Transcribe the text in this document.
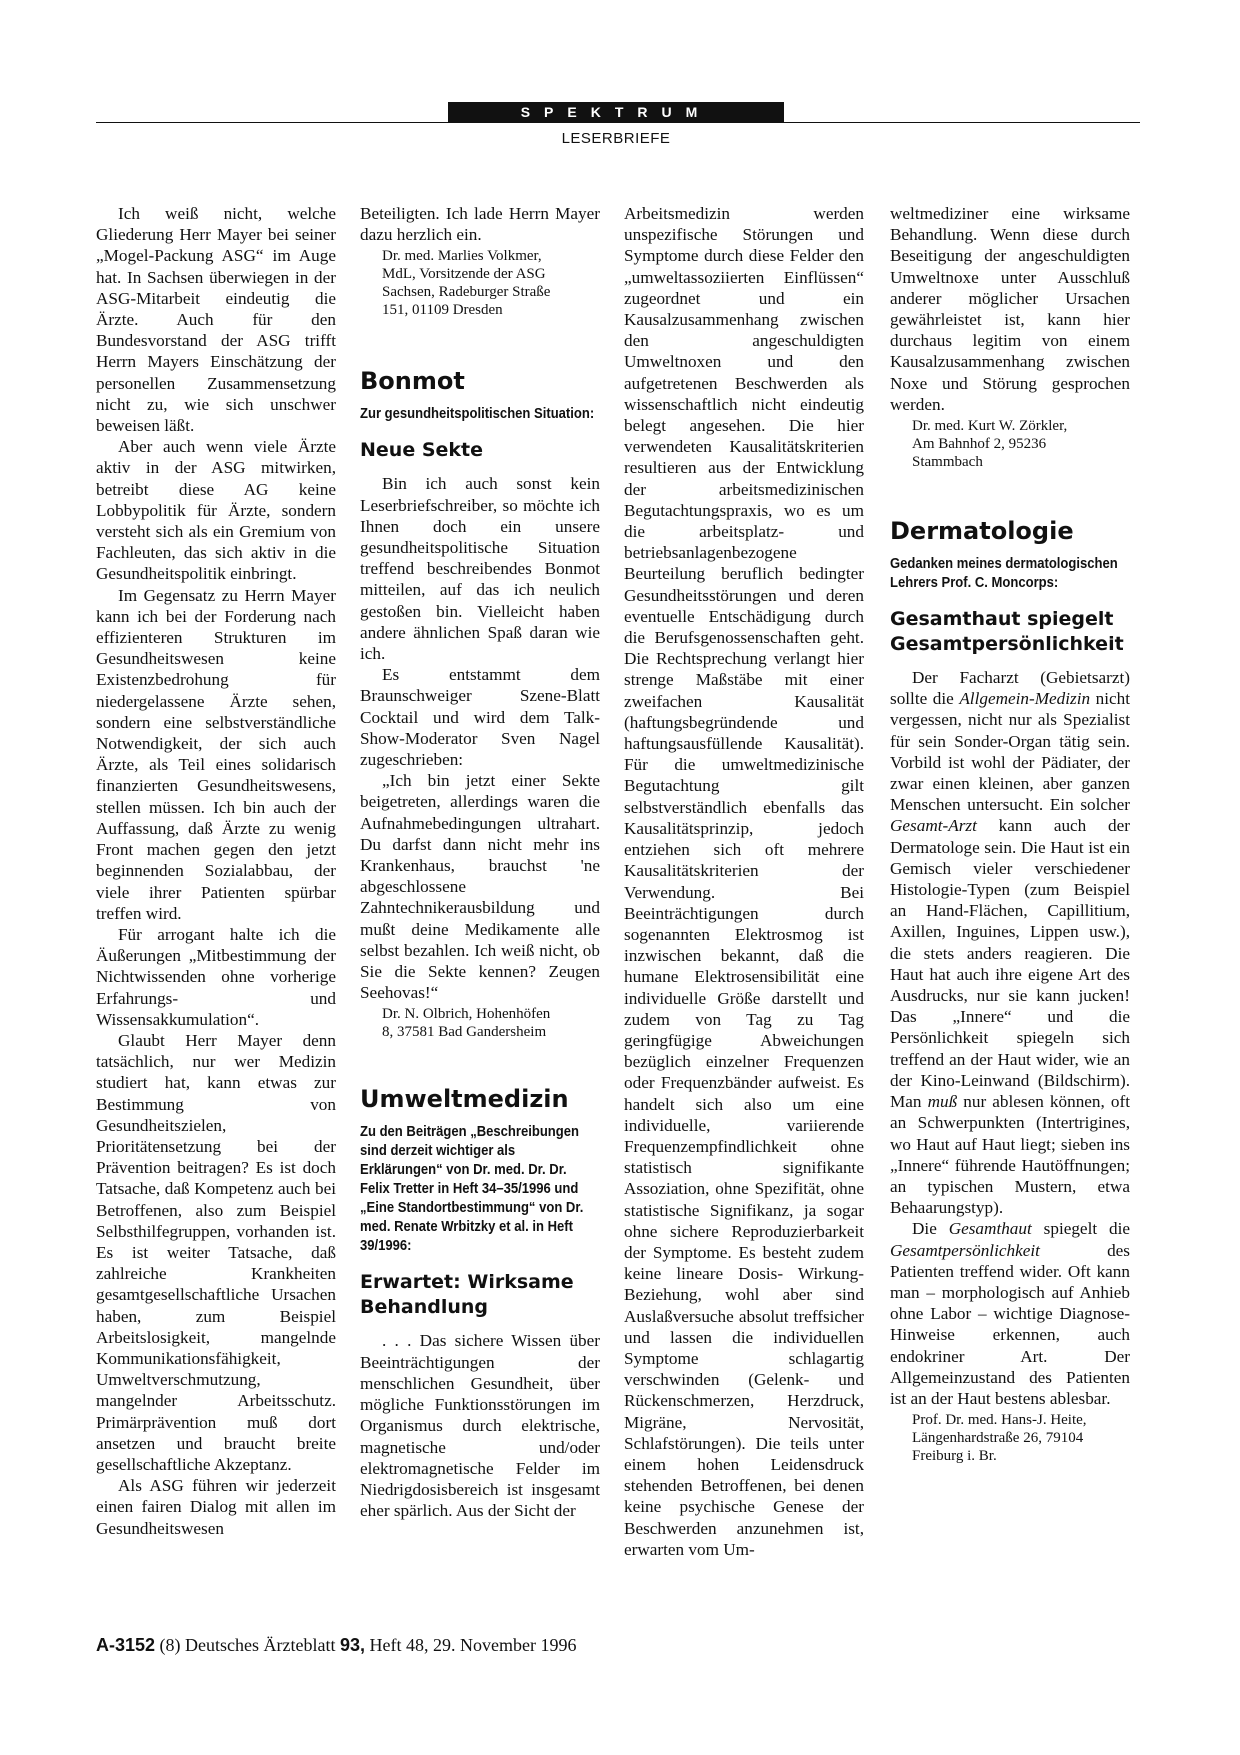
SPEKTRUM
LESERBRIEFE

Ich weiß nicht, welche Gliederung Herr Mayer bei seiner „Mogel-Packung ASG“ im Auge hat. In Sachsen überwiegen in der ASG-Mitarbeit eindeutig die Ärzte. Auch für den Bundesvorstand der ASG trifft Herrn Mayers Einschätzung der personellen Zusammensetzung nicht zu, wie sich unschwer beweisen läßt.

Aber auch wenn viele Ärzte aktiv in der ASG mitwirken, betreibt diese AG keine Lobbypolitik für Ärzte, sondern versteht sich als ein Gremium von Fachleuten, das sich aktiv in die Gesundheitspolitik einbringt.

Im Gegensatz zu Herrn Mayer kann ich bei der Forderung nach effizienteren Strukturen im Gesundheitswesen keine Existenzbedrohung für niedergelassene Ärzte sehen, sondern eine selbstverständliche Notwendigkeit, der sich auch Ärzte, als Teil eines solidarisch finanzierten Gesundheitswesens, stellen müssen. Ich bin auch der Auffassung, daß Ärzte zu wenig Front machen gegen den jetzt beginnenden Sozialabbau, der viele ihrer Patienten spürbar treffen wird.

Für arrogant halte ich die Äußerungen „Mitbestimmung der Nichtwissenden ohne vorherige Erfahrungs- und Wissensakkumulation“.

Glaubt Herr Mayer denn tatsächlich, nur wer Medizin studiert hat, kann etwas zur Bestimmung von Gesundheitszielen, Prioritätensetzung bei der Prävention beitragen? Es ist doch Tatsache, daß Kompetenz auch bei Betroffenen, also zum Beispiel Selbsthilfegruppen, vorhanden ist. Es ist weiter Tatsache, daß zahlreiche Krankheiten gesamtgesellschaftliche Ursachen haben, zum Beispiel Arbeitslosigkeit, mangelnde Kommunikationsfähigkeit, Umweltverschmutzung, mangelnder Arbeitsschutz. Primärprävention muß dort ansetzen und braucht breite gesellschaftliche Akzeptanz.

Als ASG führen wir jederzeit einen fairen Dialog mit allen im Gesundheitswesen

Beteiligten. Ich lade Herrn Mayer dazu herzlich ein.

Dr. med. Marlies Volkmer,
MdL, Vorsitzende der ASG
Sachsen, Radeburger Straße
151, 01109 Dresden

Bonmot
Zur gesundheitspolitischen Situation:
Neue Sekte

Bin ich auch sonst kein Leserbriefschreiber, so möchte ich Ihnen doch ein unsere gesundheitspolitische Situation treffend beschreibendes Bonmot mitteilen, auf das ich neulich gestoßen bin. Vielleicht haben andere ähnlichen Spaß daran wie ich.

Es entstammt dem Braunschweiger Szene-Blatt Cocktail und wird dem Talk-Show-Moderator Sven Nagel zugeschrieben:

„Ich bin jetzt einer Sekte beigetreten, allerdings waren die Aufnahmebedingungen ultrahart. Du darfst dann nicht mehr ins Krankenhaus, brauchst 'ne abgeschlossene Zahntechnikerausbildung und mußt deine Medikamente alle selbst bezahlen. Ich weiß nicht, ob Sie die Sekte kennen? Zeugen Seehovas!“

Dr. N. Olbrich, Hohenhöfen
8, 37581 Bad Gandersheim

Umweltmedizin
Zu den Beiträgen „Beschreibungen sind derzeit wichtiger als Erklärungen“ von Dr. med. Dr. Dr. Felix Tretter in Heft 34–35/1996 und „Eine Standortbestimmung“ von Dr. med. Renate Wrbitzky et al. in Heft 39/1996:
Erwartet: Wirksame Behandlung

. . . Das sichere Wissen über Beeinträchtigungen der menschlichen Gesundheit, über mögliche Funktionsstörungen im Organismus durch elektrische, magnetische und/oder elektromagnetische Felder im Niedrigdosisbereich ist insgesamt eher spärlich. Aus der Sicht der

Arbeitsmedizin werden unspezifische Störungen und Symptome durch diese Felder den „umweltassoziierten Einflüssen“ zugeordnet und ein Kausalzusammenhang zwischen den angeschuldigten Umweltnoxen und den aufgetretenen Beschwerden als wissenschaftlich nicht eindeutig belegt angesehen. Die hier verwendeten Kausalitätskriterien resultieren aus der Entwicklung der arbeitsmedizinischen Begutachtungspraxis, wo es um die arbeitsplatz- und betriebsanlagenbezogene Beurteilung beruflich bedingter Gesundheitsstörungen und deren eventuelle Entschädigung durch die Berufsgenossenschaften geht. Die Rechtsprechung verlangt hier strenge Maßstäbe mit einer zweifachen Kausalität (haftungsbegründende und haftungsausfüllende Kausalität). Für die umweltmedizinische Begutachtung gilt selbstverständlich ebenfalls das Kausalitätsprinzip, jedoch entziehen sich oft mehrere Kausalitätskriterien der Verwendung. Bei Beeinträchtigungen durch sogenannten Elektrosmog ist inzwischen bekannt, daß die humane Elektrosensibilität eine individuelle Größe darstellt und zudem von Tag zu Tag geringfügige Abweichungen bezüglich einzelner Frequenzen oder Frequenzbänder aufweist. Es handelt sich also um eine individuelle, variierende Frequenzempfindlichkeit ohne statistisch signifikante Assoziation, ohne Spezifität, ohne statistische Signifikanz, ja sogar ohne sichere Reproduzierbarkeit der Symptome. Es besteht zudem keine lineare Dosis- Wirkung- Beziehung, wohl aber sind Auslaßversuche absolut treffsicher und lassen die individuellen Symptome schlagartig verschwinden (Gelenk- und Rückenschmerzen, Herzdruck, Migräne, Nervosität, Schlafstörungen). Die teils unter einem hohen Leidensdruck stehenden Betroffenen, bei denen keine psychische Genese der Beschwerden anzunehmen ist, erwarten vom Um-

weltmediziner eine wirksame Behandlung. Wenn diese durch Beseitigung der angeschuldigten Umweltnoxe unter Ausschluß anderer möglicher Ursachen gewährleistet ist, kann hier durchaus legitim von einem Kausalzusammenhang zwischen Noxe und Störung gesprochen werden.

Dr. med. Kurt W. Zörkler,
Am Bahnhof 2, 95236
Stammbach

Dermatologie
Gedanken meines dermatologischen Lehrers Prof. C. Moncorps:
Gesamthaut spiegelt Gesamtpersönlichkeit

Der Facharzt (Gebietsarzt) sollte die Allgemein-Medizin nicht vergessen, nicht nur als Spezialist für sein Sonder-Organ tätig sein. Vorbild ist wohl der Pädiater, der zwar einen kleinen, aber ganzen Menschen untersucht. Ein solcher Gesamt-Arzt kann auch der Dermatologe sein. Die Haut ist ein Gemisch vieler verschiedener Histologie-Typen (zum Beispiel an Hand-Flächen, Capillitium, Axillen, Inguines, Lippen usw.), die stets anders reagieren. Die Haut hat auch ihre eigene Art des Ausdrucks, nur sie kann jucken! Das „Innere“ und die Persönlichkeit spiegeln sich treffend an der Haut wider, wie an der Kino-Leinwand (Bildschirm). Man muß nur ablesen können, oft an Schwerpunkten (Intertrigines, wo Haut auf Haut liegt; sieben ins „Innere“ führende Hautöffnungen; an typischen Mustern, etwa Behaarungstyp).

Die Gesamthaut spiegelt die Gesamtpersönlichkeit des Patienten treffend wider. Oft kann man – morphologisch auf Anhieb ohne Labor – wichtige Diagnose-Hinweise erkennen, auch endokriner Art. Der Allgemeinzustand des Patienten ist an der Haut bestens ablesbar.

Prof. Dr. med. Hans-J. Heite,
Längenhardstraße 26, 79104
Freiburg i. Br.

A-3152 (8) Deutsches Ärzteblatt 93, Heft 48, 29. November 1996
